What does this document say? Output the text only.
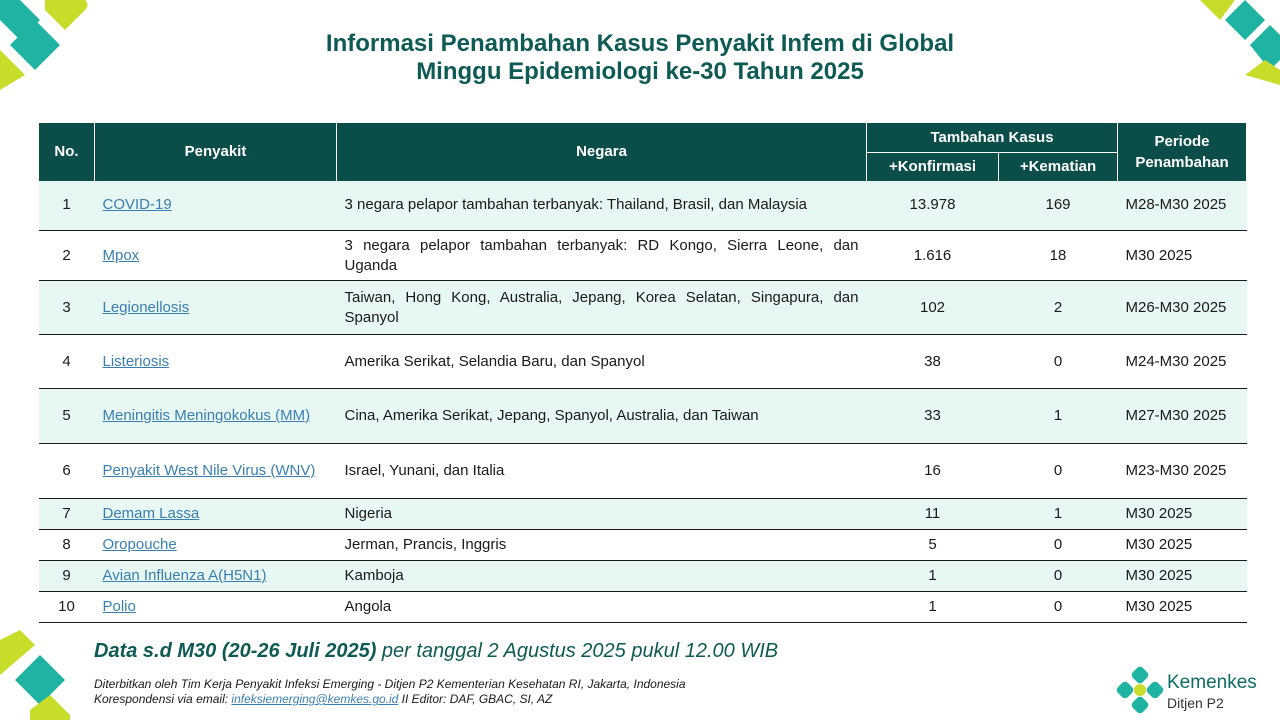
Informasi Penambahan Kasus Penyakit Infem di Global
Minggu Epidemiologi ke-30 Tahun 2025
No.	Penyakit	Negara	Tambahan Kasus		Periode Penambahan
			+Konfirmasi	+Kematian	
1	COVID-19	3 negara pelapor tambahan terbanyak: Thailand, Brasil, dan Malaysia	13.978	169	M28-M30 2025
2	Mpox	3 negara pelapor tambahan terbanyak: RD Kongo, Sierra Leone, dan Uganda	1.616	18	M30 2025
3	Legionellosis	Taiwan, Hong Kong, Australia, Jepang, Korea Selatan, Singapura, dan Spanyol	102	2	M26-M30 2025
4	Listeriosis	Amerika Serikat, Selandia Baru, dan Spanyol	38	0	M24-M30 2025
5	Meningitis Meningokokus (MM)	Cina, Amerika Serikat, Jepang, Spanyol, Australia, dan Taiwan	33	1	M27-M30 2025
6	Penyakit West Nile Virus (WNV)	Israel, Yunani, dan Italia	16	0	M23-M30 2025
7	Demam Lassa	Nigeria	11	1	M30 2025
8	Oropouche	Jerman, Prancis, Inggris	5	0	M30 2025
9	Avian Influenza A(H5N1)	Kamboja	1	0	M30 2025
10	Polio	Angola	1	0	M30 2025
Data s.d M30 (20-26 Juli 2025) per tanggal 2 Agustus 2025 pukul 12.00 WIB
Diterbitkan oleh Tim Kerja Penyakit Infeksi Emerging - Ditjen P2 Kementerian Kesehatan RI, Jakarta, Indonesia
Korespondensi via email: infeksiemerging@kemkes.go.id II Editor: DAF, GBAC, SI, AZ
Kemenkes
Ditjen P2
